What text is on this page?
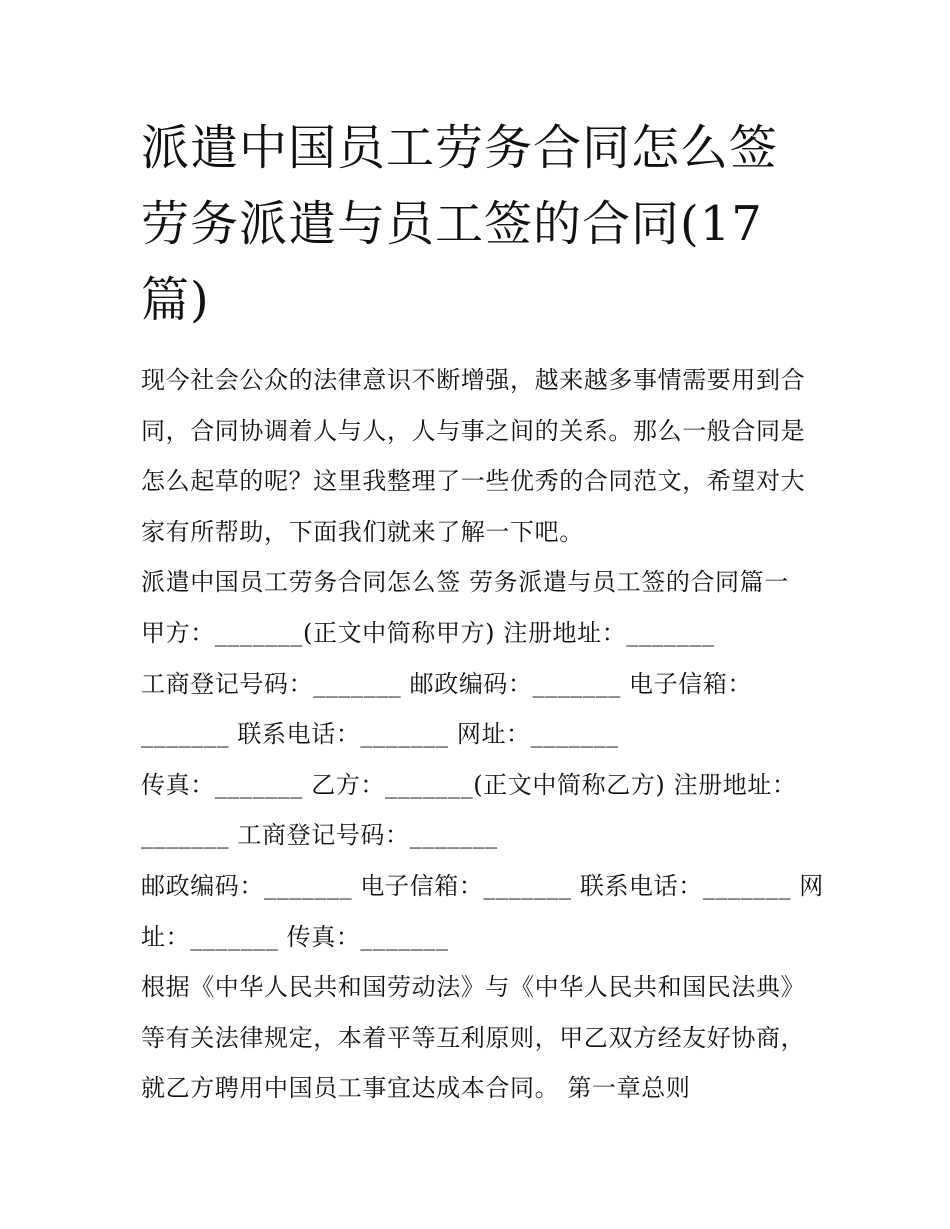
派遣中国员工劳务合同怎么签
劳务派遣与员工签的合同(17
篇)
现今社会公众的法律意识不断增强，越来越多事情需要用到合
同，合同协调着人与人，人与事之间的关系。那么一般合同是
怎么起草的呢？这里我整理了一些优秀的合同范文，希望对大
家有所帮助，下面我们就来了解一下吧。
派遣中国员工劳务合同怎么签 劳务派遣与员工签的合同篇一
甲方：_______(正文中简称甲方) 注册地址：_______
工商登记号码：_______ 邮政编码：_______ 电子信箱：
_______ 联系电话：_______ 网址：_______
传真：_______ 乙方：_______(正文中简称乙方) 注册地址：
_______ 工商登记号码：_______
邮政编码：_______ 电子信箱：_______ 联系电话：_______ 网
址：_______ 传真：_______
根据《中华人民共和国劳动法》与《中华人民共和国民法典》
等有关法律规定，本着平等互利原则，甲乙双方经友好协商，
就乙方聘用中国员工事宜达成本合同。 第一章总则
